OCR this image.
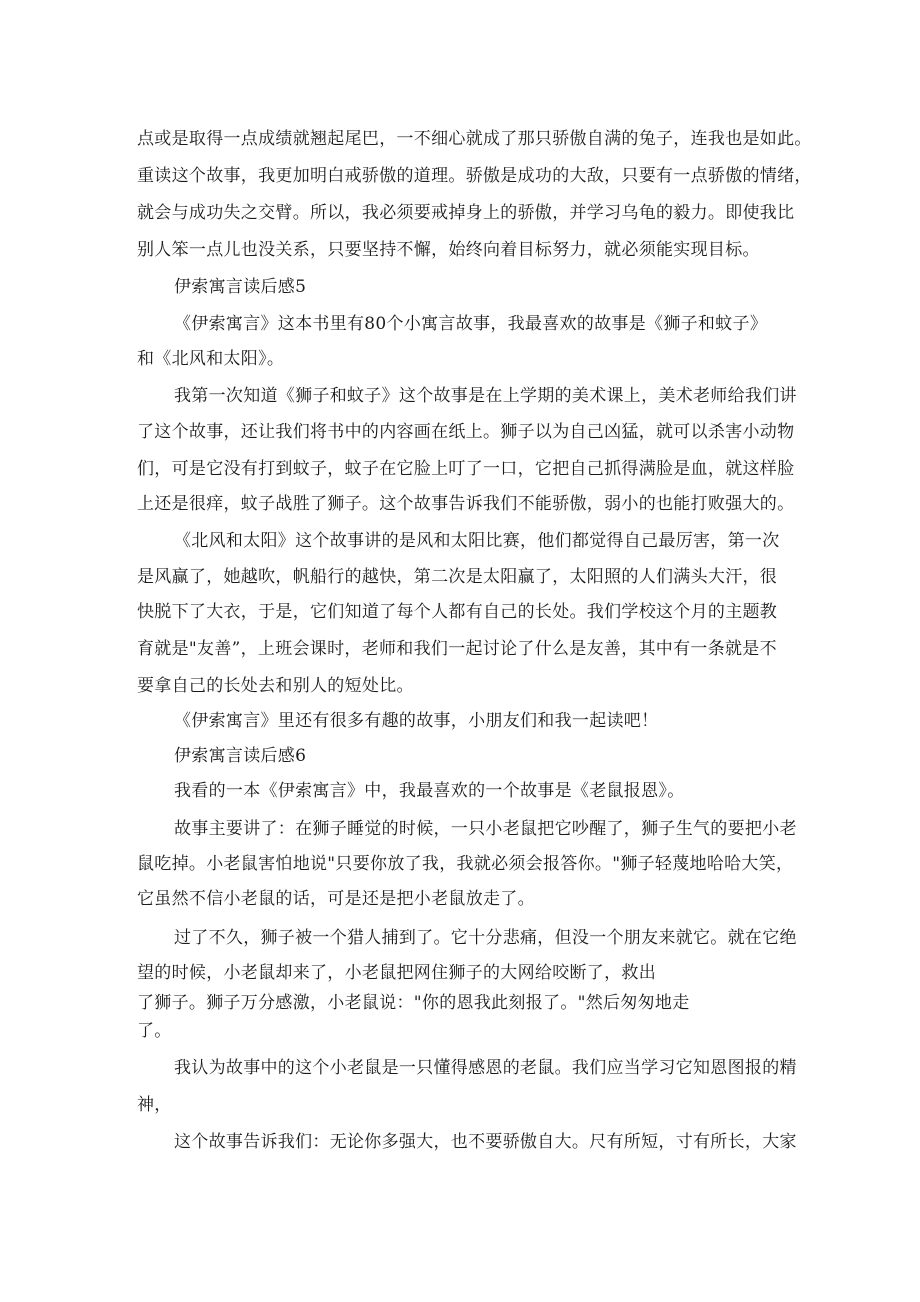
点或是取得一点成绩就翘起尾巴，一不细心就成了那只骄傲自满的兔子，连我也是如此。

重读这个故事，我更加明白戒骄傲的道理。骄傲是成功的大敌，只要有一点骄傲的情绪，

就会与成功失之交臂。所以，我必须要戒掉身上的骄傲，并学习乌龟的毅力。即使我比

别人笨一点儿也没关系，只要坚持不懈，始终向着目标努力，就必须能实现目标。

伊索寓言读后感5

《伊索寓言》这本书里有80个小寓言故事，我最喜欢的故事是《狮子和蚊子》

和《北风和太阳》。

我第一次知道《狮子和蚊子》这个故事是在上学期的美术课上，美术老师给我们讲

了这个故事，还让我们将书中的内容画在纸上。狮子以为自己凶猛，就可以杀害小动物

们，可是它没有打到蚊子，蚊子在它脸上叮了一口，它把自己抓得满脸是血，就这样脸

上还是很痒，蚊子战胜了狮子。这个故事告诉我们不能骄傲，弱小的也能打败强大的。

《北风和太阳》这个故事讲的是风和太阳比赛，他们都觉得自己最厉害，第一次

是风赢了，她越吹，帆船行的越快，第二次是太阳赢了，太阳照的人们满头大汗，很

快脱下了大衣，于是，它们知道了每个人都有自己的长处。我们学校这个月的主题教

育就是"友善”，上班会课时，老师和我们一起讨论了什么是友善，其中有一条就是不

要拿自己的长处去和别人的短处比。

《伊索寓言》里还有很多有趣的故事，小朋友们和我一起读吧！

伊索寓言读后感6

我看的一本《伊索寓言》中，我最喜欢的一个故事是《老鼠报恩》。

故事主要讲了：在狮子睡觉的时候，一只小老鼠把它吵醒了，狮子生气的要把小老

鼠吃掉。小老鼠害怕地说"只要你放了我，我就必须会报答你。"狮子轻蔑地哈哈大笑，

它虽然不信小老鼠的话，可是还是把小老鼠放走了。

过了不久，狮子被一个猎人捕到了。它十分悲痛，但没一个朋友来就它。就在它绝

望的时候，小老鼠却来了，小老鼠把网住狮子的大网给咬断了，救出

了狮子。狮子万分感激，小老鼠说："你的恩我此刻报了。"然后匆匆地走

了。

我认为故事中的这个小老鼠是一只懂得感恩的老鼠。我们应当学习它知恩图报的精

神，

这个故事告诉我们：无论你多强大，也不要骄傲自大。尺有所短，寸有所长，大家
